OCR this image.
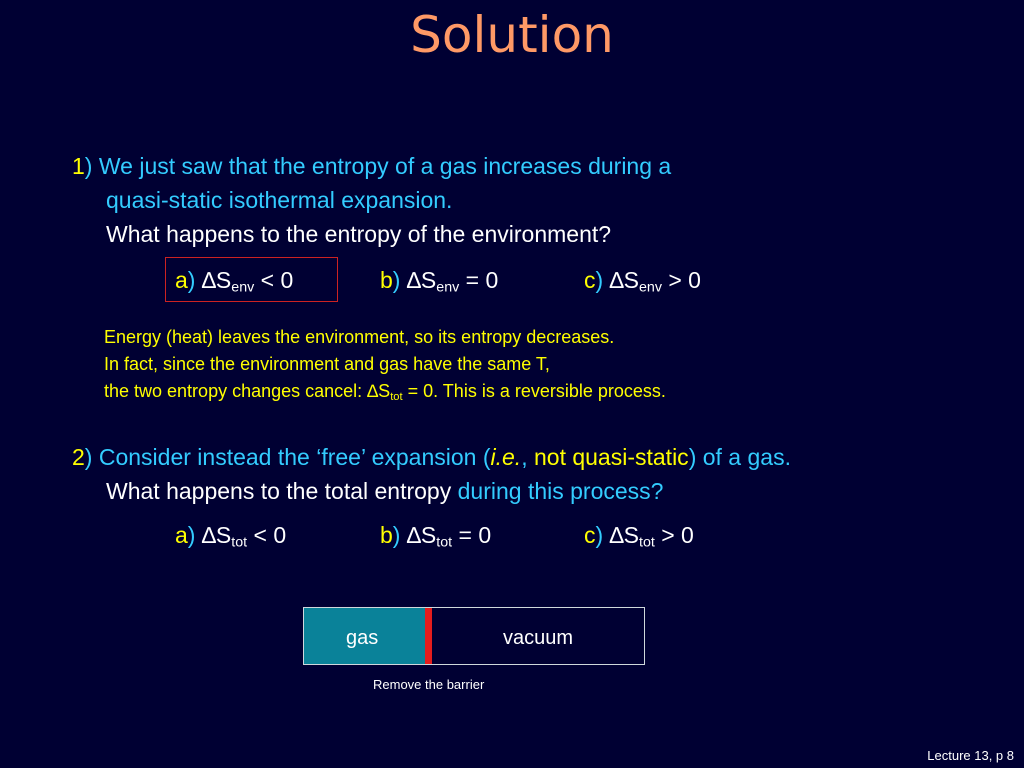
Solution
1) We just saw that the entropy of a gas increases during a
quasi-static isothermal expansion.
What happens to the entropy of the environment?
a) $\Delta S_{env} < 0$	b) $\Delta S_{env} = 0$	c) $\Delta S_{env} > 0$
Energy (heat) leaves the environment, so its entropy decreases.
In fact, since the environment and gas have the same T,
the two entropy changes cancel: $\Delta S_{tot} = 0$. This is a reversible process.
2) Consider instead the ‘free’ expansion (i.e., not quasi-static) of a gas.
What happens to the total entropy during this process?
a) $\Delta S_{tot} < 0$	b) $\Delta S_{tot} = 0$	c) $\Delta S_{tot} > 0$
gas	vacuum
Remove the barrier
Lecture 13, p 8
